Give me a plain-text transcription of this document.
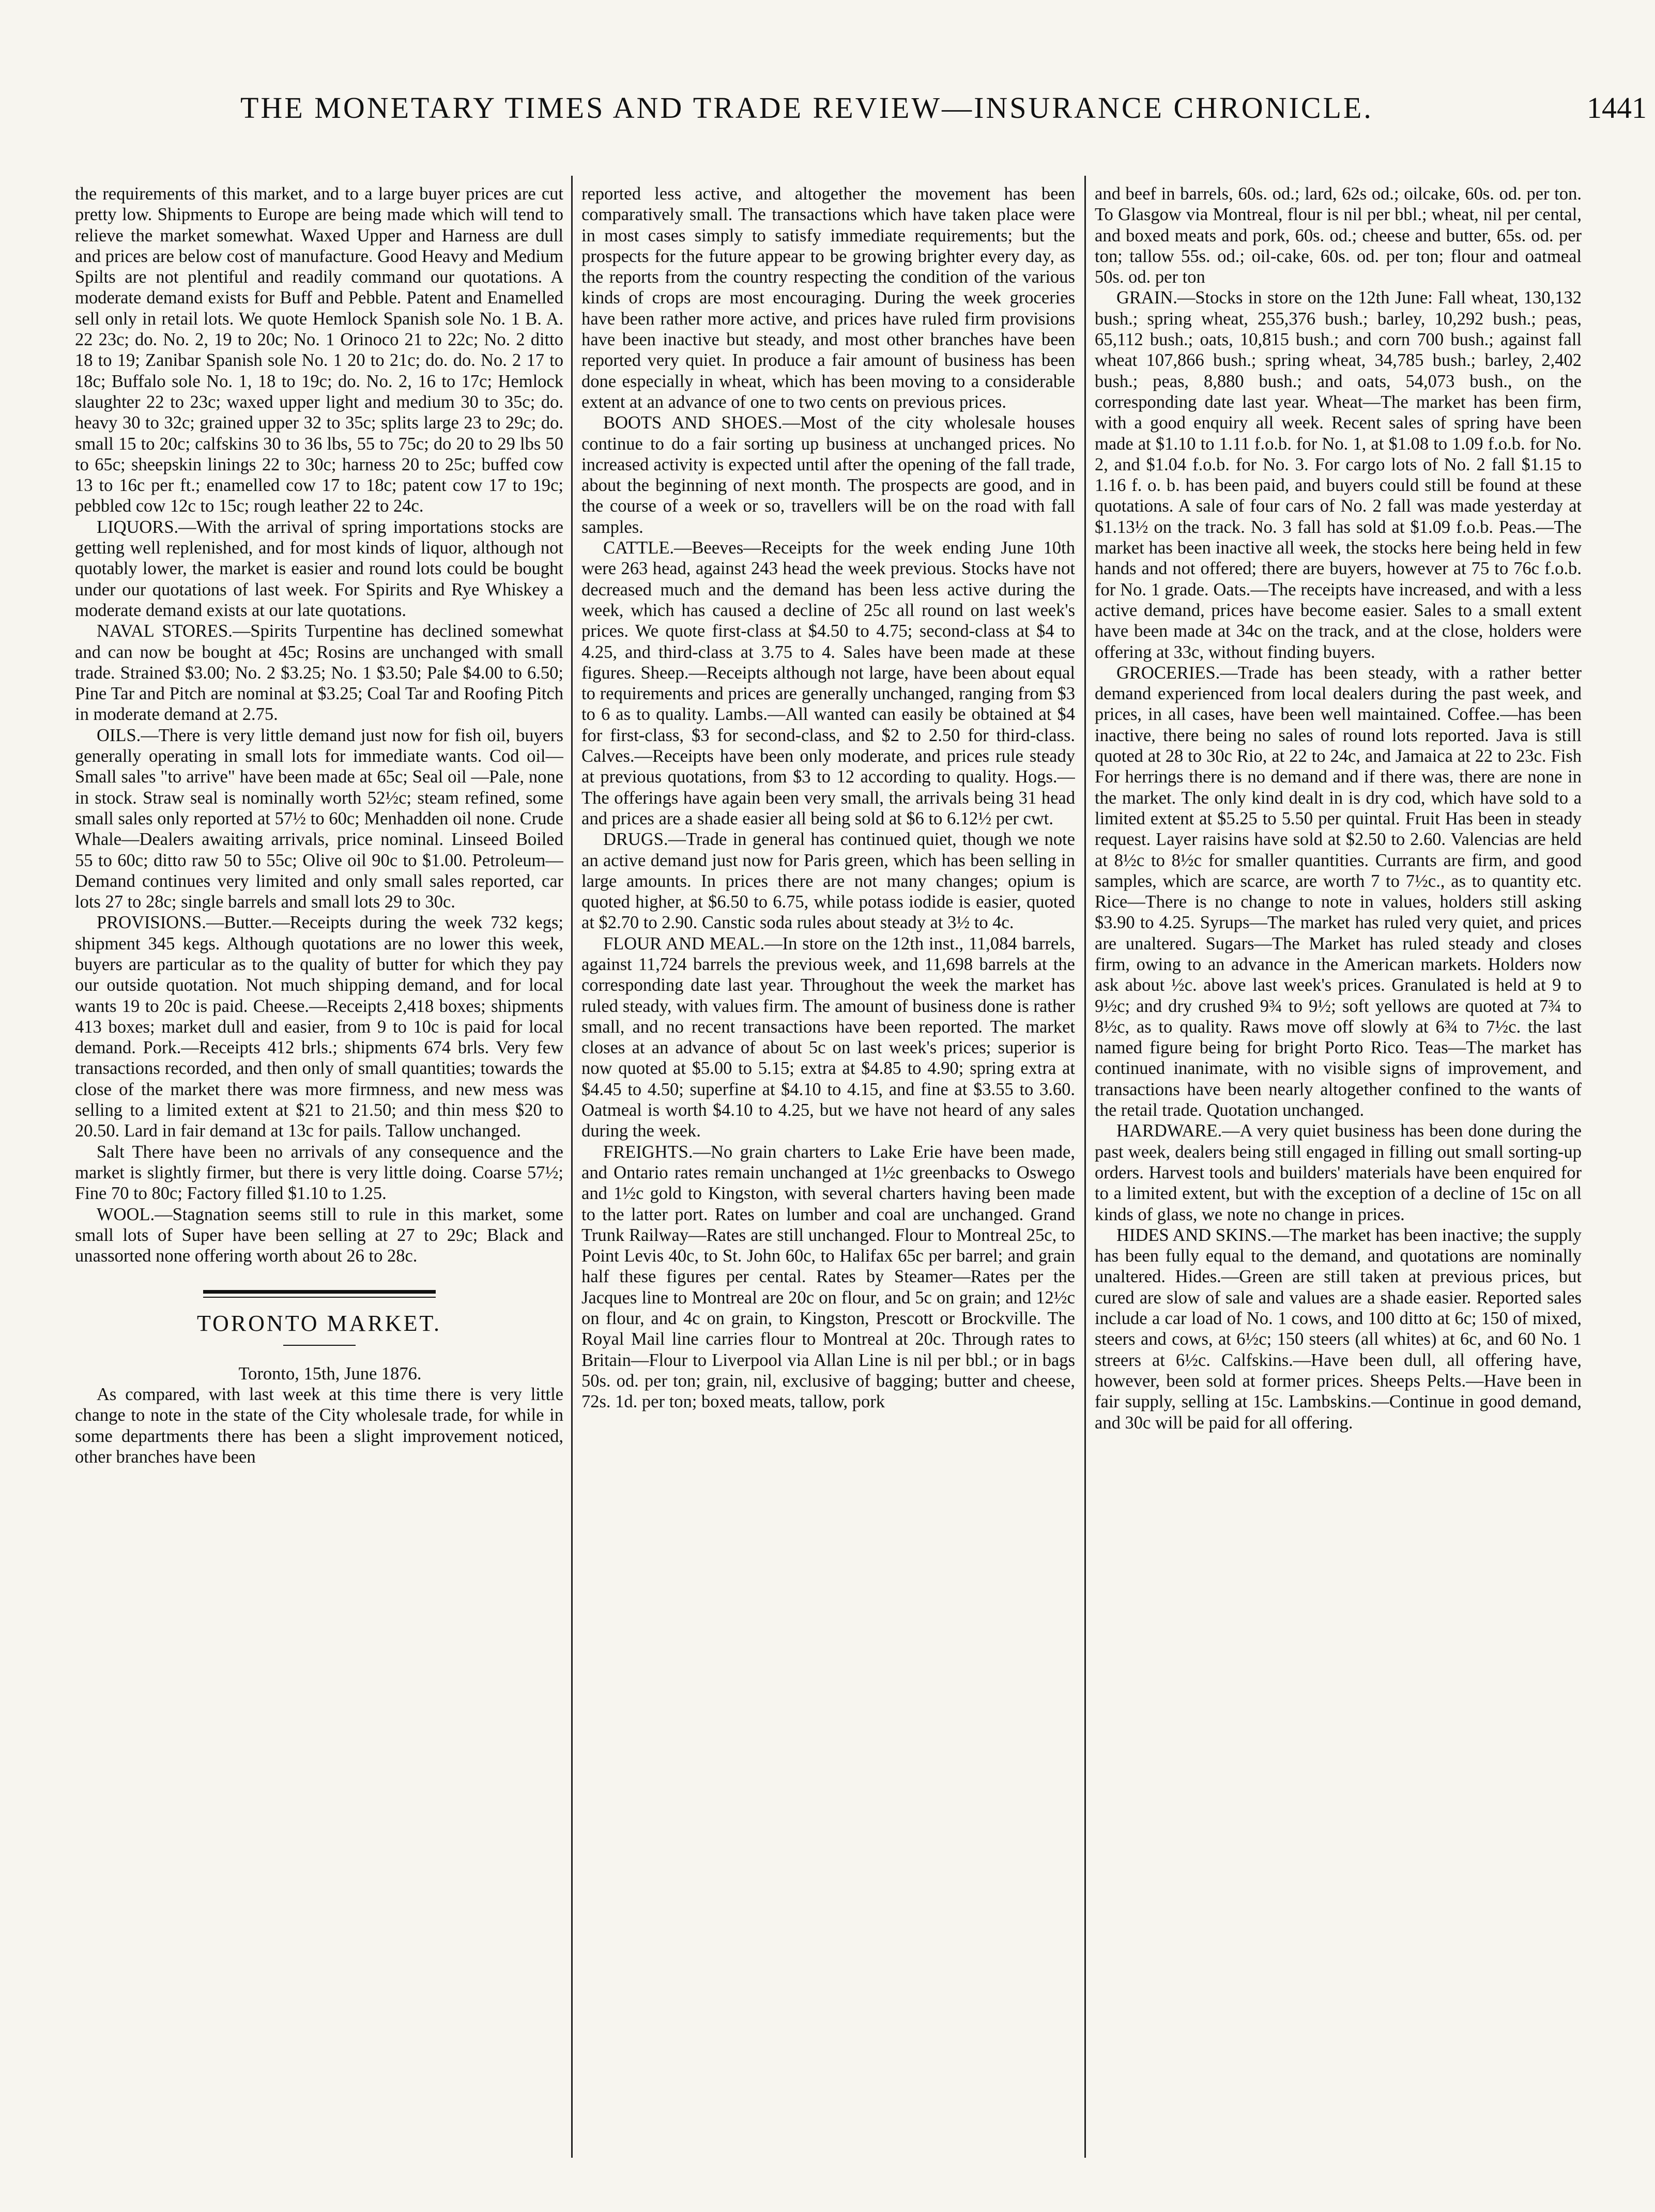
THE MONETARY TIMES AND TRADE REVIEW—INSURANCE CHRONICLE.	1441

the requirements of this market, and to a large buyer prices are cut pretty low. Shipments to Europe are being made which will tend to relieve the market somewhat. Waxed Upper and Harness are dull and prices are below cost of manufacture. Good Heavy and Medium Spilts are not plentiful and readily command our quotations. A moderate demand exists for Buff and Pebble. Patent and Enamelled sell only in retail lots. We quote Hemlock Spanish sole No. 1 B. A. 22 23c; do. No. 2, 19 to 20c; No. 1 Orinoco 21 to 22c; No. 2 ditto 18 to 19; Zanibar Spanish sole No. 1 20 to 21c; do. do. No. 2 17 to 18c; Buffalo sole No. 1, 18 to 19c; do. No. 2, 16 to 17c; Hemlock slaughter 22 to 23c; waxed upper light and medium 30 to 35c; do. heavy 30 to 32c; grained upper 32 to 35c; splits large 23 to 29c; do. small 15 to 20c; calfskins 30 to 36 lbs, 55 to 75c; do 20 to 29 lbs 50 to 65c; sheepskin linings 22 to 30c; harness 20 to 25c; buffed cow 13 to 16c per ft.; enamelled cow 17 to 18c; patent cow 17 to 19c; pebbled cow 12c to 15c; rough leather 22 to 24c.

LIQUORS.—With the arrival of spring importations stocks are getting well replenished, and for most kinds of liquor, although not quotably lower, the market is easier and round lots could be bought under our quotations of last week. For Spirits and Rye Whiskey a moderate demand exists at our late quotations.

NAVAL STORES.—Spirits Turpentine has declined somewhat and can now be bought at 45c; Rosins are unchanged with small trade. Strained $3.00; No. 2 $3.25; No. 1 $3.50; Pale $4.00 to 6.50; Pine Tar and Pitch are nominal at $3.25; Coal Tar and Roofing Pitch in moderate demand at 2.75.

OILS.—There is very little demand just now for fish oil, buyers generally operating in small lots for immediate wants. Cod oil—Small sales "to arrive" have been made at 65c; Seal oil —Pale, none in stock. Straw seal is nominally worth 52½c; steam refined, some small sales only reported at 57½ to 60c; Menhadden oil none. Crude Whale—Dealers awaiting arrivals, price nominal. Linseed Boiled 55 to 60c; ditto raw 50 to 55c; Olive oil 90c to $1.00. Petroleum—Demand continues very limited and only small sales reported, car lots 27 to 28c; single barrels and small lots 29 to 30c.

PROVISIONS.—Butter.—Receipts during the week 732 kegs; shipment 345 kegs. Although quotations are no lower this week, buyers are particular as to the quality of butter for which they pay our outside quotation. Not much shipping demand, and for local wants 19 to 20c is paid. Cheese.—Receipts 2,418 boxes; shipments 413 boxes; market dull and easier, from 9 to 10c is paid for local demand. Pork.—Receipts 412 brls.; shipments 674 brls. Very few transactions recorded, and then only of small quantities; towards the close of the market there was more firmness, and new mess was selling to a limited extent at $21 to 21.50; and thin mess $20 to 20.50. Lard in fair demand at 13c for pails. Tallow unchanged.

Salt There have been no arrivals of any consequence and the market is slightly firmer, but there is very little doing. Coarse 57½; Fine 70 to 80c; Factory filled $1.10 to 1.25.

WOOL.—Stagnation seems still to rule in this market, some small lots of Super have been selling at 27 to 29c; Black and unassorted none offering worth about 26 to 28c.

TORONTO MARKET.

Toronto, 15th, June 1876.

As compared, with last week at this time there is very little change to note in the state of the City wholesale trade, for while in some departments there has been a slight improvement noticed, other branches have been

reported less active, and altogether the movement has been comparatively small. The transactions which have taken place were in most cases simply to satisfy immediate requirements; but the prospects for the future appear to be growing brighter every day, as the reports from the country respecting the condition of the various kinds of crops are most encouraging. During the week groceries have been rather more active, and prices have ruled firm provisions have been inactive but steady, and most other branches have been reported very quiet. In produce a fair amount of business has been done especially in wheat, which has been moving to a considerable extent at an advance of one to two cents on previous prices.

BOOTS AND SHOES.—Most of the city wholesale houses continue to do a fair sorting up business at unchanged prices. No increased activity is expected until after the opening of the fall trade, about the beginning of next month. The prospects are good, and in the course of a week or so, travellers will be on the road with fall samples.

CATTLE.—Beeves—Receipts for the week ending June 10th were 263 head, against 243 head the week previous. Stocks have not decreased much and the demand has been less active during the week, which has caused a decline of 25c all round on last week's prices. We quote first-class at $4.50 to 4.75; second-class at $4 to 4.25, and third-class at 3.75 to 4. Sales have been made at these figures. Sheep.—Receipts although not large, have been about equal to requirements and prices are generally unchanged, ranging from $3 to 6 as to quality. Lambs.—All wanted can easily be obtained at $4 for first-class, $3 for second-class, and $2 to 2.50 for third-class. Calves.—Receipts have been only moderate, and prices rule steady at previous quotations, from $3 to 12 according to quality. Hogs.—The offerings have again been very small, the arrivals being 31 head and prices are a shade easier all being sold at $6 to 6.12½ per cwt.

DRUGS.—Trade in general has continued quiet, though we note an active demand just now for Paris green, which has been selling in large amounts. In prices there are not many changes; opium is quoted higher, at $6.50 to 6.75, while potass iodide is easier, quoted at $2.70 to 2.90. Canstic soda rules about steady at 3½ to 4c.

FLOUR AND MEAL.—In store on the 12th inst., 11,084 barrels, against 11,724 barrels the previous week, and 11,698 barrels at the corresponding date last year. Throughout the week the market has ruled steady, with values firm. The amount of business done is rather small, and no recent transactions have been reported. The market closes at an advance of about 5c on last week's prices; superior is now quoted at $5.00 to 5.15; extra at $4.85 to 4.90; spring extra at $4.45 to 4.50; superfine at $4.10 to 4.15, and fine at $3.55 to 3.60. Oatmeal is worth $4.10 to 4.25, but we have not heard of any sales during the week.

FREIGHTS.—No grain charters to Lake Erie have been made, and Ontario rates remain unchanged at 1½c greenbacks to Oswego and 1½c gold to Kingston, with several charters having been made to the latter port. Rates on lumber and coal are unchanged. Grand Trunk Railway—Rates are still unchanged. Flour to Montreal 25c, to Point Levis 40c, to St. John 60c, to Halifax 65c per barrel; and grain half these figures per cental. Rates by Steamer—Rates per the Jacques line to Montreal are 20c on flour, and 5c on grain; and 12½c on flour, and 4c on grain, to Kingston, Prescott or Brockville. The Royal Mail line carries flour to Montreal at 20c. Through rates to Britain—Flour to Liverpool via Allan Line is nil per bbl.; or in bags 50s. od. per ton; grain, nil, exclusive of bagging; butter and cheese, 72s. 1d. per ton; boxed meats, tallow, pork

and beef in barrels, 60s. od.; lard, 62s od.; oilcake, 60s. od. per ton. To Glasgow via Montreal, flour is nil per bbl.; wheat, nil per cental, and boxed meats and pork, 60s. od.; cheese and butter, 65s. od. per ton; tallow 55s. od.; oil-cake, 60s. od. per ton; flour and oatmeal 50s. od. per ton

GRAIN.—Stocks in store on the 12th June: Fall wheat, 130,132 bush.; spring wheat, 255,376 bush.; barley, 10,292 bush.; peas, 65,112 bush.; oats, 10,815 bush.; and corn 700 bush.; against fall wheat 107,866 bush.; spring wheat, 34,785 bush.; barley, 2,402 bush.; peas, 8,880 bush.; and oats, 54,073 bush., on the corresponding date last year. Wheat—The market has been firm, with a good enquiry all week. Recent sales of spring have been made at $1.10 to 1.11 f.o.b. for No. 1, at $1.08 to 1.09 f.o.b. for No. 2, and $1.04 f.o.b. for No. 3. For cargo lots of No. 2 fall $1.15 to 1.16 f. o. b. has been paid, and buyers could still be found at these quotations. A sale of four cars of No. 2 fall was made yesterday at $1.13½ on the track. No. 3 fall has sold at $1.09 f.o.b. Peas.—The market has been inactive all week, the stocks here being held in few hands and not offered; there are buyers, however at 75 to 76c f.o.b. for No. 1 grade. Oats.—The receipts have increased, and with a less active demand, prices have become easier. Sales to a small extent have been made at 34c on the track, and at the close, holders were offering at 33c, without finding buyers.

GROCERIES.—Trade has been steady, with a rather better demand experienced from local dealers during the past week, and prices, in all cases, have been well maintained. Coffee.—has been inactive, there being no sales of round lots reported. Java is still quoted at 28 to 30c Rio, at 22 to 24c, and Jamaica at 22 to 23c. Fish For herrings there is no demand and if there was, there are none in the market. The only kind dealt in is dry cod, which have sold to a limited extent at $5.25 to 5.50 per quintal. Fruit Has been in steady request. Layer raisins have sold at $2.50 to 2.60. Valencias are held at 8½c to 8½c for smaller quantities. Currants are firm, and good samples, which are scarce, are worth 7 to 7½c., as to quantity etc. Rice—There is no change to note in values, holders still asking $3.90 to 4.25. Syrups—The market has ruled very quiet, and prices are unaltered. Sugars—The Market has ruled steady and closes firm, owing to an advance in the American markets. Holders now ask about ½c. above last week's prices. Granulated is held at 9 to 9½c; and dry crushed 9¾ to 9½; soft yellows are quoted at 7¾ to 8½c, as to quality. Raws move off slowly at 6¾ to 7½c. the last named figure being for bright Porto Rico. Teas—The market has continued inanimate, with no visible signs of improvement, and transactions have been nearly altogether confined to the wants of the retail trade. Quotation unchanged.

HARDWARE.—A very quiet business has been done during the past week, dealers being still engaged in filling out small sorting-up orders. Harvest tools and builders' materials have been enquired for to a limited extent, but with the exception of a decline of 15c on all kinds of glass, we note no change in prices.

HIDES AND SKINS.—The market has been inactive; the supply has been fully equal to the demand, and quotations are nominally unaltered. Hides.—Green are still taken at previous prices, but cured are slow of sale and values are a shade easier. Reported sales include a car load of No. 1 cows, and 100 ditto at 6c; 150 of mixed, steers and cows, at 6½c; 150 steers (all whites) at 6c, and 60 No. 1 streers at 6½c. Calfskins.—Have been dull, all offering have, however, been sold at former prices. Sheeps Pelts.—Have been in fair supply, selling at 15c. Lambskins.—Continue in good demand, and 30c will be paid for all offering.
